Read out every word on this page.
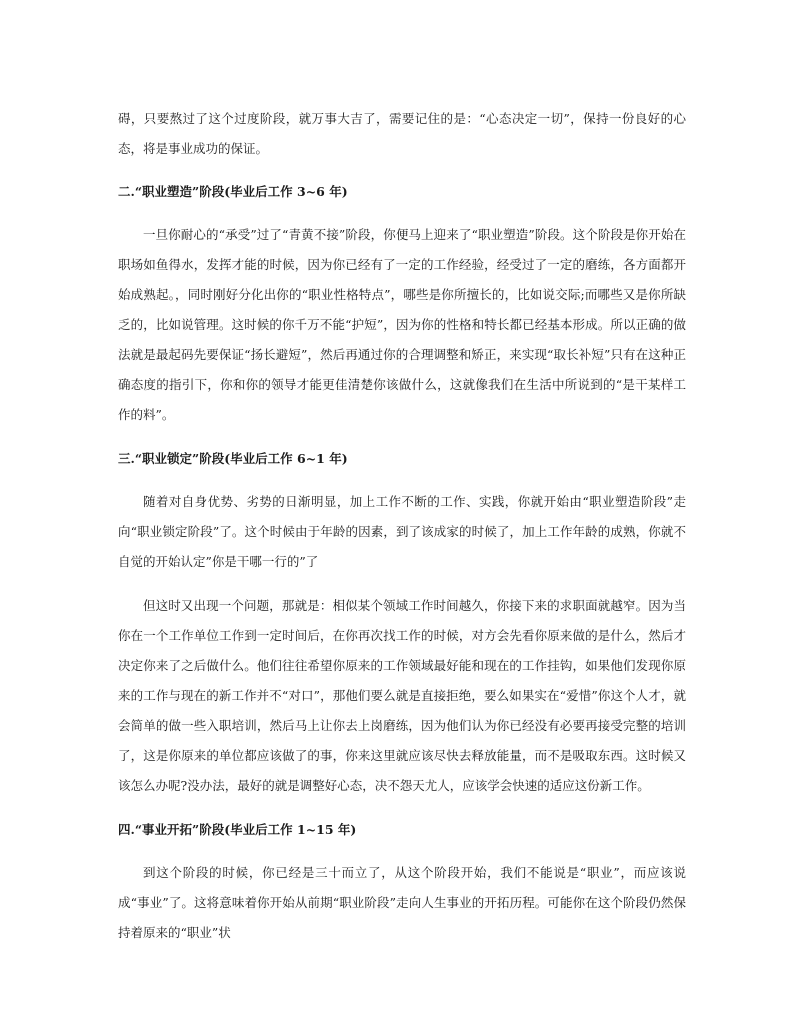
碍，只要熬过了这个过度阶段，就万事大吉了，需要记住的是：“心态决定一切”，保持一份良好的心态，将是事业成功的保证。

二.“职业塑造”阶段(毕业后工作 3~6 年)

一旦你耐心的“承受”过了“青黄不接”阶段，你便马上迎来了“职业塑造”阶段。这个阶段是你开始在职场如鱼得水，发挥才能的时候，因为你已经有了一定的工作经验，经受过了一定的磨练，各方面都开始成熟起。，同时刚好分化出你的“职业性格特点”，哪些是你所擅长的，比如说交际;而哪些又是你所缺乏的，比如说管理。这时候的你千万不能“护短”，因为你的性格和特长都已经基本形成。所以正确的做法就是最起码先要保证“扬长避短”，然后再通过你的合理调整和矫正，来实现“取长补短”只有在这种正确态度的指引下，你和你的领导才能更佳清楚你该做什么，这就像我们在生活中所说到的“是干某样工作的料”。

三.“职业锁定”阶段(毕业后工作 6~1 年)

随着对自身优势、劣势的日渐明显，加上工作不断的工作、实践，你就开始由“职业塑造阶段”走向“职业锁定阶段”了。这个时候由于年龄的因素，到了该成家的时候了，加上工作年龄的成熟，你就不自觉的开始认定”你是干哪一行的”了

但这时又出现一个问题，那就是：相似某个领域工作时间越久，你接下来的求职面就越窄。因为当你在一个工作单位工作到一定时间后，在你再次找工作的时候，对方会先看你原来做的是什么，然后才决定你来了之后做什么。他们往往希望你原来的工作领域最好能和现在的工作挂钩，如果他们发现你原来的工作与现在的新工作并不“对口”，那他们要么就是直接拒绝，要么如果实在“爱惜”你这个人才，就会简单的做一些入职培训，然后马上让你去上岗磨练，因为他们认为你已经没有必要再接受完整的培训了，这是你原来的单位都应该做了的事，你来这里就应该尽快去释放能量，而不是吸取东西。这时候又该怎么办呢?没办法，最好的就是调整好心态，决不怨天尤人，应该学会快速的适应这份新工作。

四.“事业开拓”阶段(毕业后工作 1~15 年)

到这个阶段的时候，你已经是三十而立了，从这个阶段开始，我们不能说是“职业”，而应该说成“事业”了。这将意味着你开始从前期“职业阶段”走向人生事业的开拓历程。可能你在这个阶段仍然保持着原来的“职业”状
